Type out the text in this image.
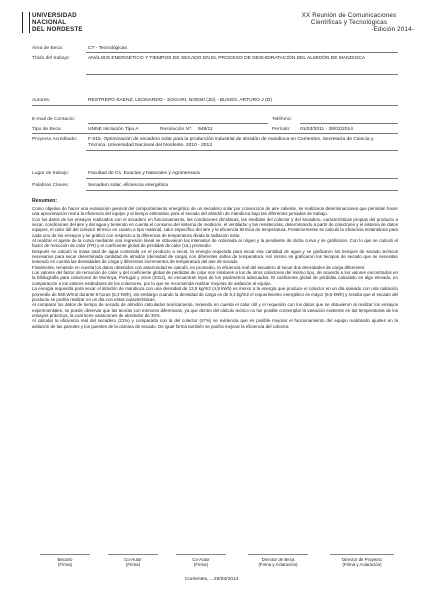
UNIVERSIDAD
NACIONAL
DEL NORDESTE
XX Reunión de Comunicaciones
Científicas y Tecnológicas
-Edición 2014-
Área de Beca:	CT - Tecnológicas
Título del trabajo:	ANÁLISIS ENERGÉTICO Y TIEMPOS DE SECADO EN EL PROCESO DE DESHIDRATACIÓN DEL ALMIDÓN DE MANDIOCA
Autores:	RESTREPO SAENZ, LEONARDO - SOGARI, NOEMI (JD) - BUSSO, ARTURO J (D)
E-mail de Contacto:	Teléfono:
Tipo de Beca:	UNNE Iniciación Tipo A	Resolución Nº: 948/11	Período: 01/03/2011 - 28/02/2014
Proyecto Acreditado: F-015. Optimización de secadero solar para la producción industrial de almidón de mandioca en Corrientes. Secretaría de Ciencia y Técnica. Universidad Nacional del Nordeste. 2010 - 2013
Lugar de trabajo:	Facultad de Cs. Exactas y Naturales y Agrimensura
Palabras Claves:	Secadero solar, eficiencia energética
Resumen:

Como objetivo de hacer una evaluación general del comportamiento energético de un secadero solar por convección de aire caliente, se realizaron determinaciones que permitan hacer una aproximación real a la eficiencia del equipo y al tiempo estimativo para el secado del almidón de mandioca bajo las diferentes jornadas de trabajo.

Con los datos de los ensayos realizados con el secadero en funcionamiento, las condiciones climáticas, las medidas del colector y del secadero, características propias del producto a secar, condiciones del aire y del agua y teniendo en cuenta el consumo del sistema de medición, el ventilador y las resistencias, determinando a partir de colectores y el sistema de datos equipos, el calor útil del colector térmico en cuanto a tipo material, calor específico del aire y la eficiencia térmica de temperatura. Posteriormente se calculó la eficiencia instantánea para cada uno de los ensayos y se graficó con respecto a la diferencia de temperatura divida la radiación solar.

Al realizar el ajuste de la curva mediante una regresión lineal se obtuvieron los intervalos de ordenada al origen y la pendiente de dicha curva y se graficaron. Con lo que se calculó el factor de remoción de calor (FR) y el coeficiente global de pérdidas de calor (UL) promedio.

Después se calculó la masa total de agua contenida en el producto a secar, la energía requerida para secar esa cantidad de agua y se graficaron los tiempos de secado teóricos necesarios para secar determinada cantidad de almidón (densidad de carga) con diferentes saltos de temperatura. Así mismo se graficaron los tiempos de secado que se necesitan teniendo en cuenta las densidades de carga y diferentes incrementos de temperatura del aire de secado.

Finalmente, teniendo en cuenta los datos obtenidos con anterioridad se calculó, en promedio, la eficiencia real del secadero al secar dos densidades de carga diferentes.

Los valores del factor de remoción de calor y del coeficiente global de pérdidas de calor son similares a los de otros colectores del mismo tipo, de acuerdo a los valores encontrados en la bibliografía para colectores de Montoya, Portugal y otros (2012), se encuentran lejos de los parámetros adecuados. El coeficiente global de pérdidas calculado es algo elevado, en comparación a los valores estándares de los colectores, por lo que se recomienda realizar mejoras de aislación al equipo.

La energía requerida para secar el almidón de mandioca con una densidad de 12,5 kg/m2 (4,8 kWh) es menor a la energía que produce el colector en un día soleado con una radiación promedio de 550 W/m2 durante 8 horas (5,3 kWh), sin embargo cuando la densidad de carga es de 5,3 kg/m2 el requerimiento energético es mayor (9,6 kWh) y resulta que el secado del producto se podría realizar en un día con estas características.

Al comparar los datos de tiempo de secado de almidón calculados teóricamente, teniendo en cuenta el calor útil y el requerido con los datos que se obtuvieron al realizar los ensayos experimentales, se puede observar que las teorías con menores diferencias, ya que dentro del cálculo teórico no fue posible contemplar la variación existente en las temperaturas de los ensayos prácticos, la cual tiene variaciones de alrededor de 30%.

Al calcular la eficiencia real del secadero (21%) y compararla con la del colector (47%) se evidencia que es posible mejorar el funcionamiento del equipo realizando ajustes en la aislación de las paredes y los puentes de la cámara de secado. De igual forma también se podría mejorar la eficiencia del colector.

Becario
(Firma)
Co-Autor
(Firma)
Co-Autor
(Firma)
Director de Beca
(Firma y Aclaración)
Director de Proyecto
(Firma y Aclaración)
Corrientes, ...29/04/2014
